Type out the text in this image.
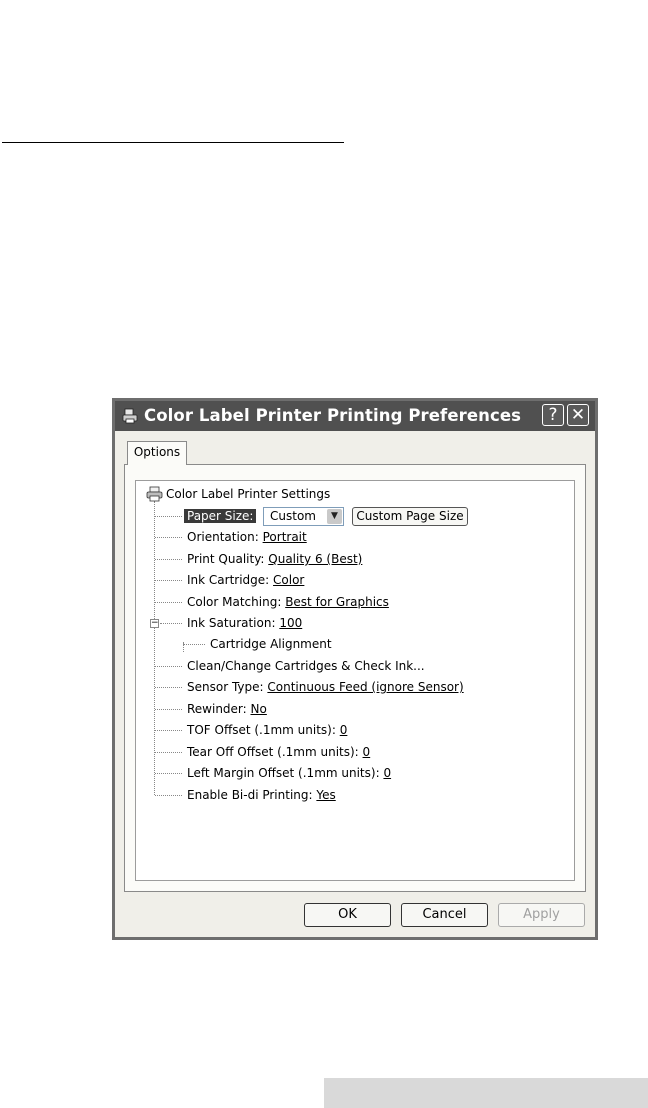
Color Label Printer Printing Preferences	? ✕
Options
Color Label Printer Settings
Paper Size:	Custom	▼	Custom Page Size
Orientation: Portrait
Print Quality: Quality 6 (Best)
Ink Cartridge: Color
Color Matching: Best for Graphics
− Ink Saturation: 100
Cartridge Alignment
Clean/Change Cartridges & Check Ink...
Sensor Type: Continuous Feed (ignore Sensor)
Rewinder: No
TOF Offset (.1mm units): 0
Tear Off Offset (.1mm units): 0
Left Margin Offset (.1mm units): 0
Enable Bi-di Printing: Yes
OK	Cancel	Apply
